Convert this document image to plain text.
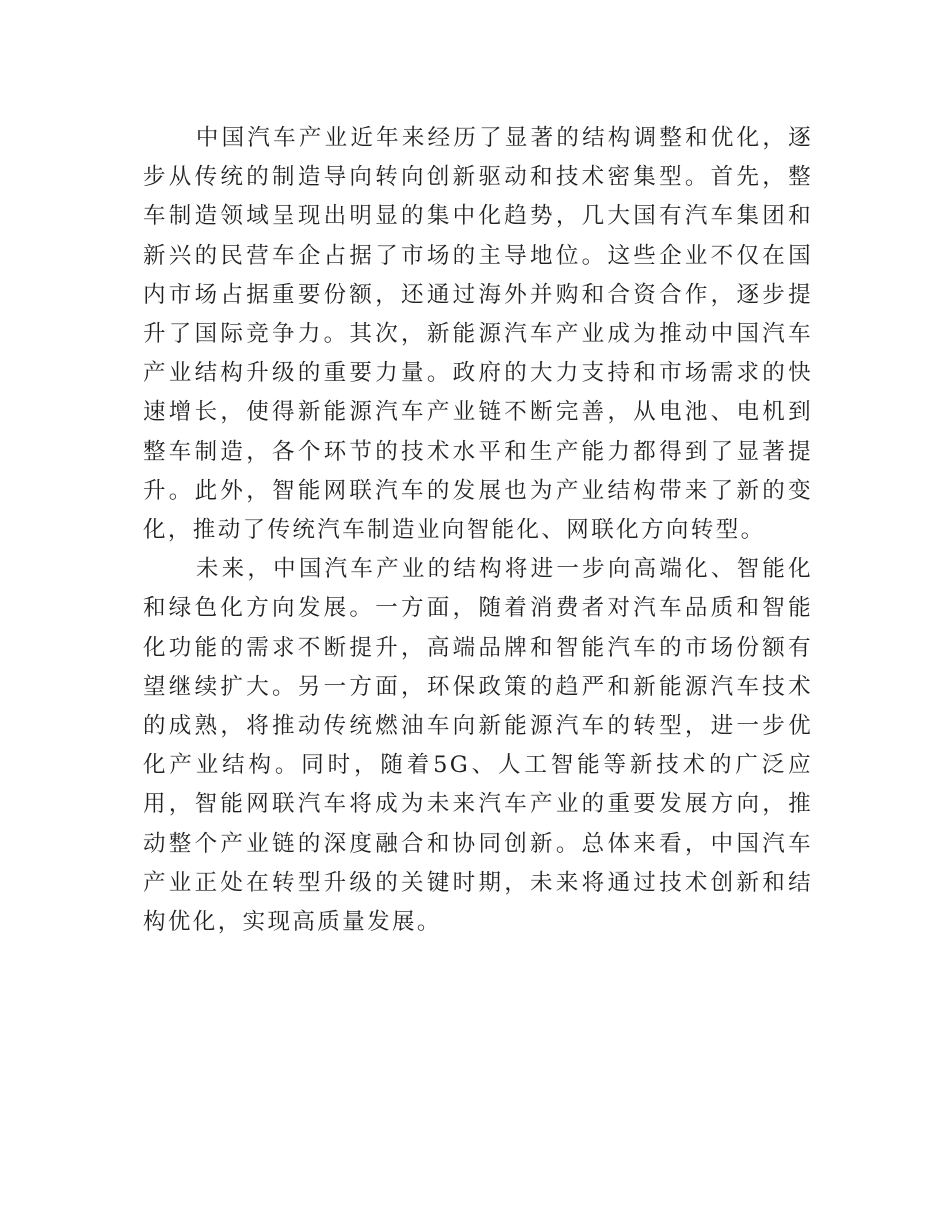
中国汽车产业近年来经历了显著的结构调整和优化，逐步从传统的制造导向转向创新驱动和技术密集型。首先，整车制造领域呈现出明显的集中化趋势，几大国有汽车集团和新兴的民营车企占据了市场的主导地位。这些企业不仅在国内市场占据重要份额，还通过海外并购和合资合作，逐步提升了国际竞争力。其次，新能源汽车产业成为推动中国汽车产业结构升级的重要力量。政府的大力支持和市场需求的快速增长，使得新能源汽车产业链不断完善，从电池、电机到整车制造，各个环节的技术水平和生产能力都得到了显著提升。此外，智能网联汽车的发展也为产业结构带来了新的变化，推动了传统汽车制造业向智能化、网联化方向转型。

未来，中国汽车产业的结构将进一步向高端化、智能化和绿色化方向发展。一方面，随着消费者对汽车品质和智能化功能的需求不断提升，高端品牌和智能汽车的市场份额有望继续扩大。另一方面，环保政策的趋严和新能源汽车技术的成熟，将推动传统燃油车向新能源汽车的转型，进一步优化产业结构。同时，随着5G、人工智能等新技术的广泛应用，智能网联汽车将成为未来汽车产业的重要发展方向，推动整个产业链的深度融合和协同创新。总体来看，中国汽车产业正处在转型升级的关键时期，未来将通过技术创新和结构优化，实现高质量发展。
